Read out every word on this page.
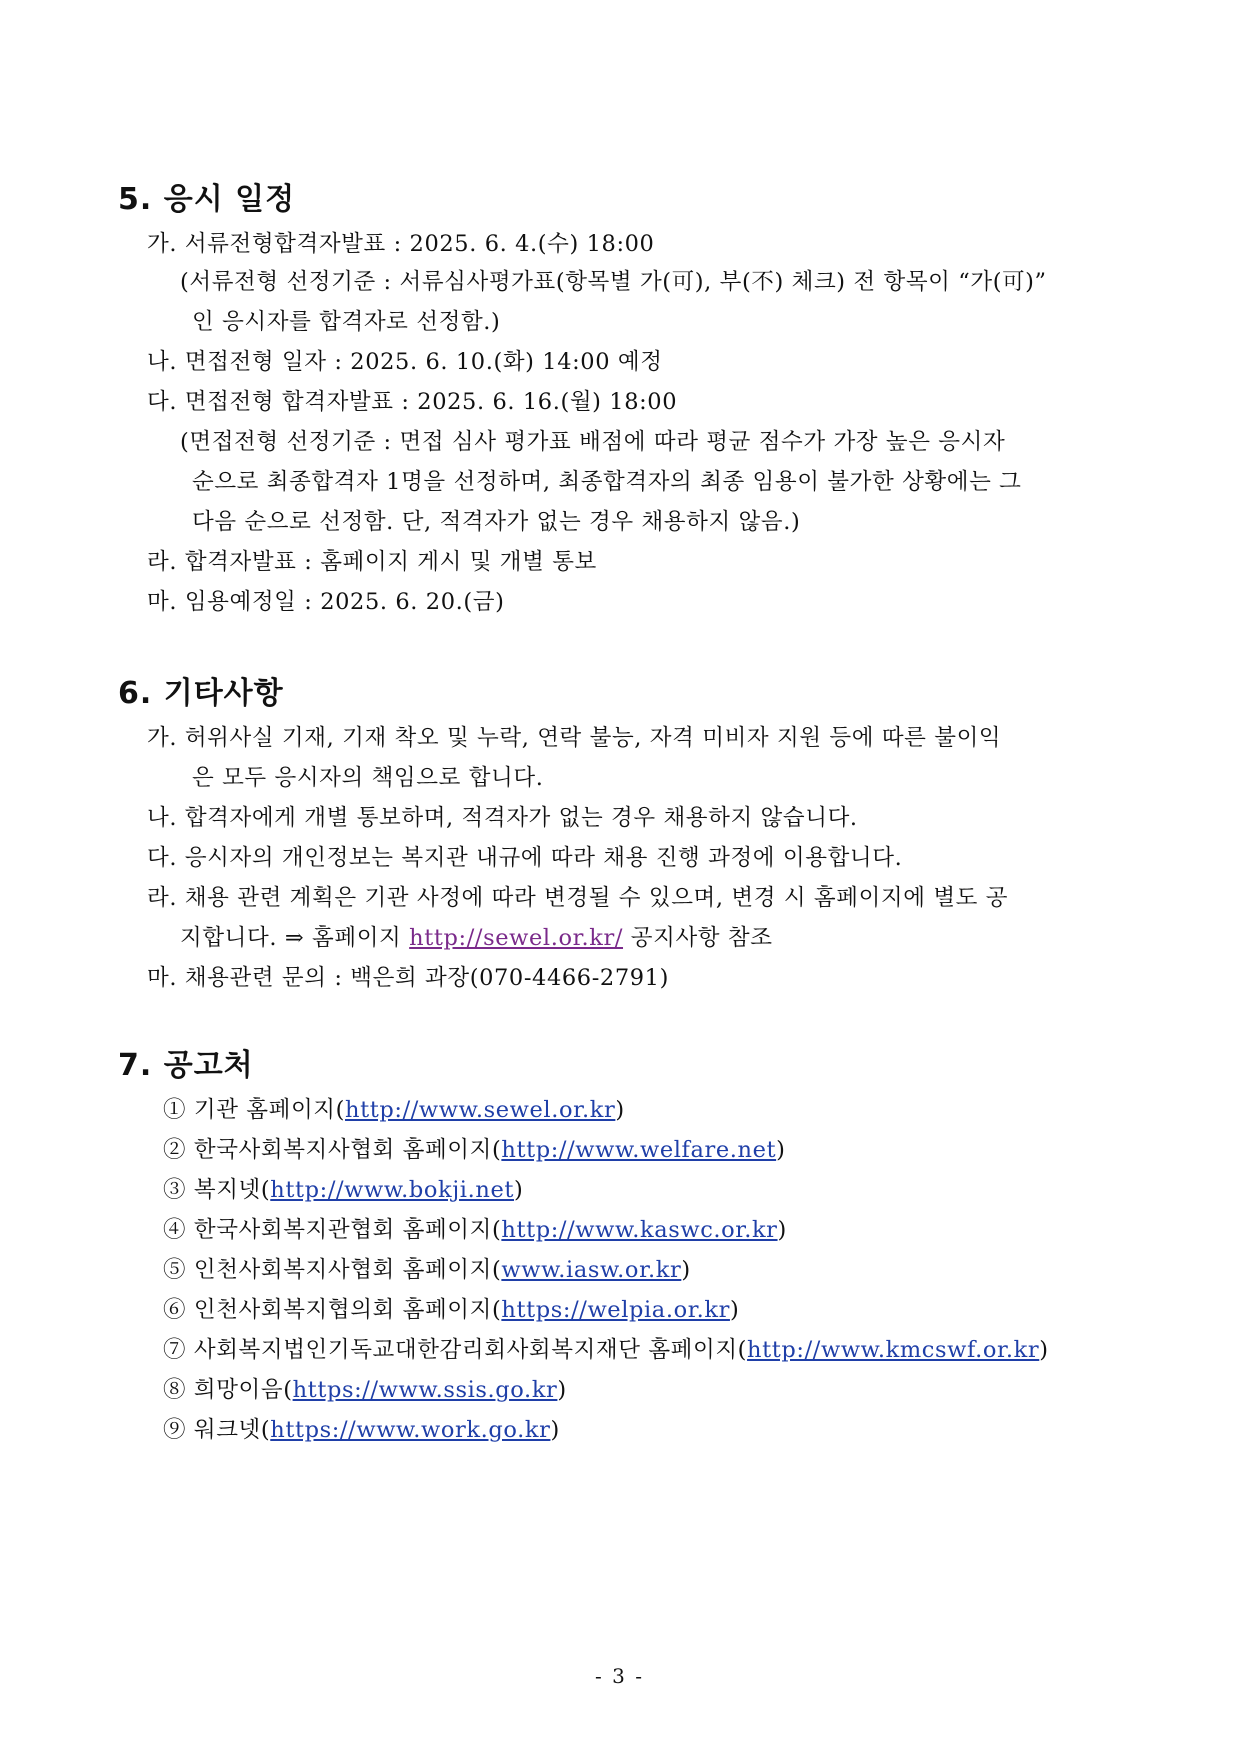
5. 응시 일정
가. 서류전형합격자발표 : 2025. 6. 4.(수) 18:00
(서류전형 선정기준 : 서류심사평가표(항목별 가(可), 부(不) 체크) 전 항목이 “가(可)”
인 응시자를 합격자로 선정함.)
나. 면접전형 일자 : 2025. 6. 10.(화) 14:00 예정
다. 면접전형 합격자발표 : 2025. 6. 16.(월) 18:00
(면접전형 선정기준 : 면접 심사 평가표 배점에 따라 평균 점수가 가장 높은 응시자
순으로 최종합격자 1명을 선정하며, 최종합격자의 최종 임용이 불가한 상황에는 그
다음 순으로 선정함. 단, 적격자가 없는 경우 채용하지 않음.)
라. 합격자발표 : 홈페이지 게시 및 개별 통보
마. 임용예정일 : 2025. 6. 20.(금)
6. 기타사항
가. 허위사실 기재, 기재 착오 및 누락, 연락 불능, 자격 미비자 지원 등에 따른 불이익
은 모두 응시자의 책임으로 합니다.
나. 합격자에게 개별 통보하며, 적격자가 없는 경우 채용하지 않습니다.
다. 응시자의 개인정보는 복지관 내규에 따라 채용 진행 과정에 이용합니다.
라. 채용 관련 계획은 기관 사정에 따라 변경될 수 있으며, 변경 시 홈페이지에 별도 공
지합니다. ⇒ 홈페이지 http://sewel.or.kr/ 공지사항 참조
마. 채용관련 문의 : 백은희 과장(070-4466-2791)
7. 공고처
① 기관 홈페이지(http://www.sewel.or.kr)
② 한국사회복지사협회 홈페이지(http://www.welfare.net)
③ 복지넷(http://www.bokji.net)
④ 한국사회복지관협회 홈페이지(http://www.kaswc.or.kr)
⑤ 인천사회복지사협회 홈페이지(www.iasw.or.kr)
⑥ 인천사회복지협의회 홈페이지(https://welpia.or.kr)
⑦ 사회복지법인기독교대한감리회사회복지재단 홈페이지(http://www.kmcswf.or.kr)
⑧ 희망이음(https://www.ssis.go.kr)
⑨ 워크넷(https://www.work.go.kr)
- 3 -
